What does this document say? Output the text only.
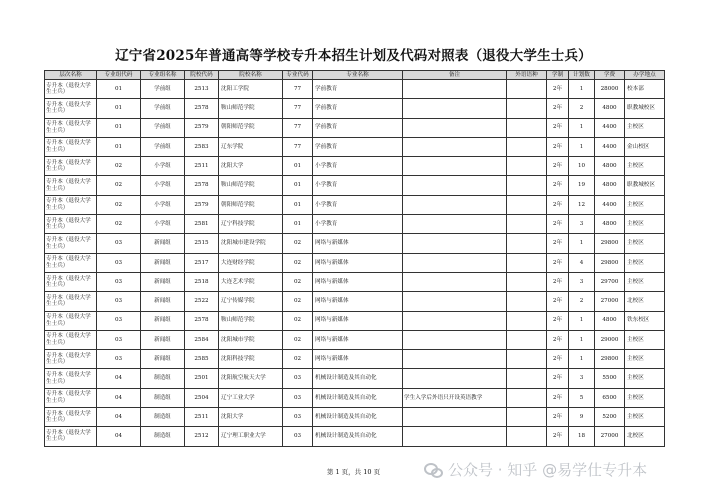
辽宁省2025年普通高等学校专升本招生计划及代码对照表（退役大学生士兵）
层次名称	专业组代码	专业组名称	院校代码	院校名称	专业代码	专业名称	备注	外语语种	学制	计划数	学费	办学地点
专升本（退役大学生士兵）	01	学前组	2513	沈阳工学院	77	学前教育			2年	1	28000	校本部
专升本（退役大学生士兵）	01	学前组	2578	鞍山师范学院	77	学前教育			2年	2	4800	职教城校区
专升本（退役大学生士兵）	01	学前组	2579	朝阳师范学院	77	学前教育			2年	1	4400	主校区
专升本（退役大学生士兵）	01	学前组	2583	辽东学院	77	学前教育			2年	1	4400	金山校区
专升本（退役大学生士兵）	02	小学组	2511	沈阳大学	01	小学教育			2年	10	4800	主校区
专升本（退役大学生士兵）	02	小学组	2578	鞍山师范学院	01	小学教育			2年	19	4800	职教城校区
专升本（退役大学生士兵）	02	小学组	2579	朝阳师范学院	01	小学教育			2年	12	4400	主校区
专升本（退役大学生士兵）	02	小学组	2581	辽宁科技学院	01	小学教育			2年	3	4800	主校区
专升本（退役大学生士兵）	03	新闻组	2515	沈阳城市建设学院	02	网络与新媒体			2年	1	29800	主校区
专升本（退役大学生士兵）	03	新闻组	2517	大连财经学院	02	网络与新媒体			2年	4	29800	主校区
专升本（退役大学生士兵）	03	新闻组	2518	大连艺术学院	02	网络与新媒体			2年	3	29700	主校区
专升本（退役大学生士兵）	03	新闻组	2522	辽宁传媒学院	02	网络与新媒体			2年	2	27000	北校区
专升本（退役大学生士兵）	03	新闻组	2578	鞍山师范学院	02	网络与新媒体			2年	1	4800	铁东校区
专升本（退役大学生士兵）	03	新闻组	2584	沈阳城市学院	02	网络与新媒体			2年	1	29000	主校区
专升本（退役大学生士兵）	03	新闻组	2585	沈阳科技学院	02	网络与新媒体			2年	1	29800	主校区
专升本（退役大学生士兵）	04	制造组	2501	沈阳航空航天大学	03	机械设计制造及其自动化			2年	3	5500	主校区
专升本（退役大学生士兵）	04	制造组	2504	辽宁工业大学	03	机械设计制造及其自动化	学生入学后外语只开设英语教学		2年	5	6500	主校区
专升本（退役大学生士兵）	04	制造组	2511	沈阳大学	03	机械设计制造及其自动化			2年	9	5200	主校区
专升本（退役大学生士兵）	04	制造组	2512	辽宁理工职业大学	03	机械设计制造及其自动化			2年	18	27000	北校区
第 1 页，共 10 页	公众号 · 知乎 @易学仕专升本
